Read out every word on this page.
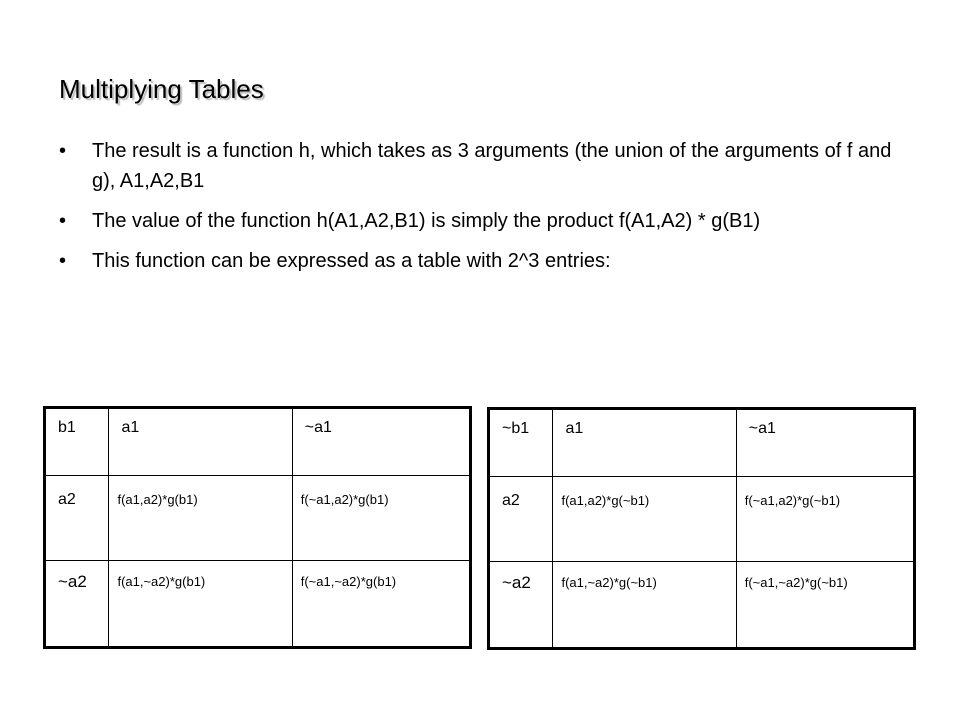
Multiplying Tables
• The result is a function h, which takes as 3 arguments (the union of the arguments of f and g), A1,A2,B1
• The value of the function h(A1,A2,B1) is simply the product f(A1,A2) * g(B1)
• This function can be expressed as a table with 2^3 entries:
b1	a1	~a1
a2	f(a1,a2)*g(b1)	f(~a1,a2)*g(b1)
~a2	f(a1,~a2)*g(b1)	f(~a1,~a2)*g(b1)
~b1	a1	~a1
a2	f(a1,a2)*g(~b1)	f(~a1,a2)*g(~b1)
~a2	f(a1,~a2)*g(~b1)	f(~a1,~a2)*g(~b1)
